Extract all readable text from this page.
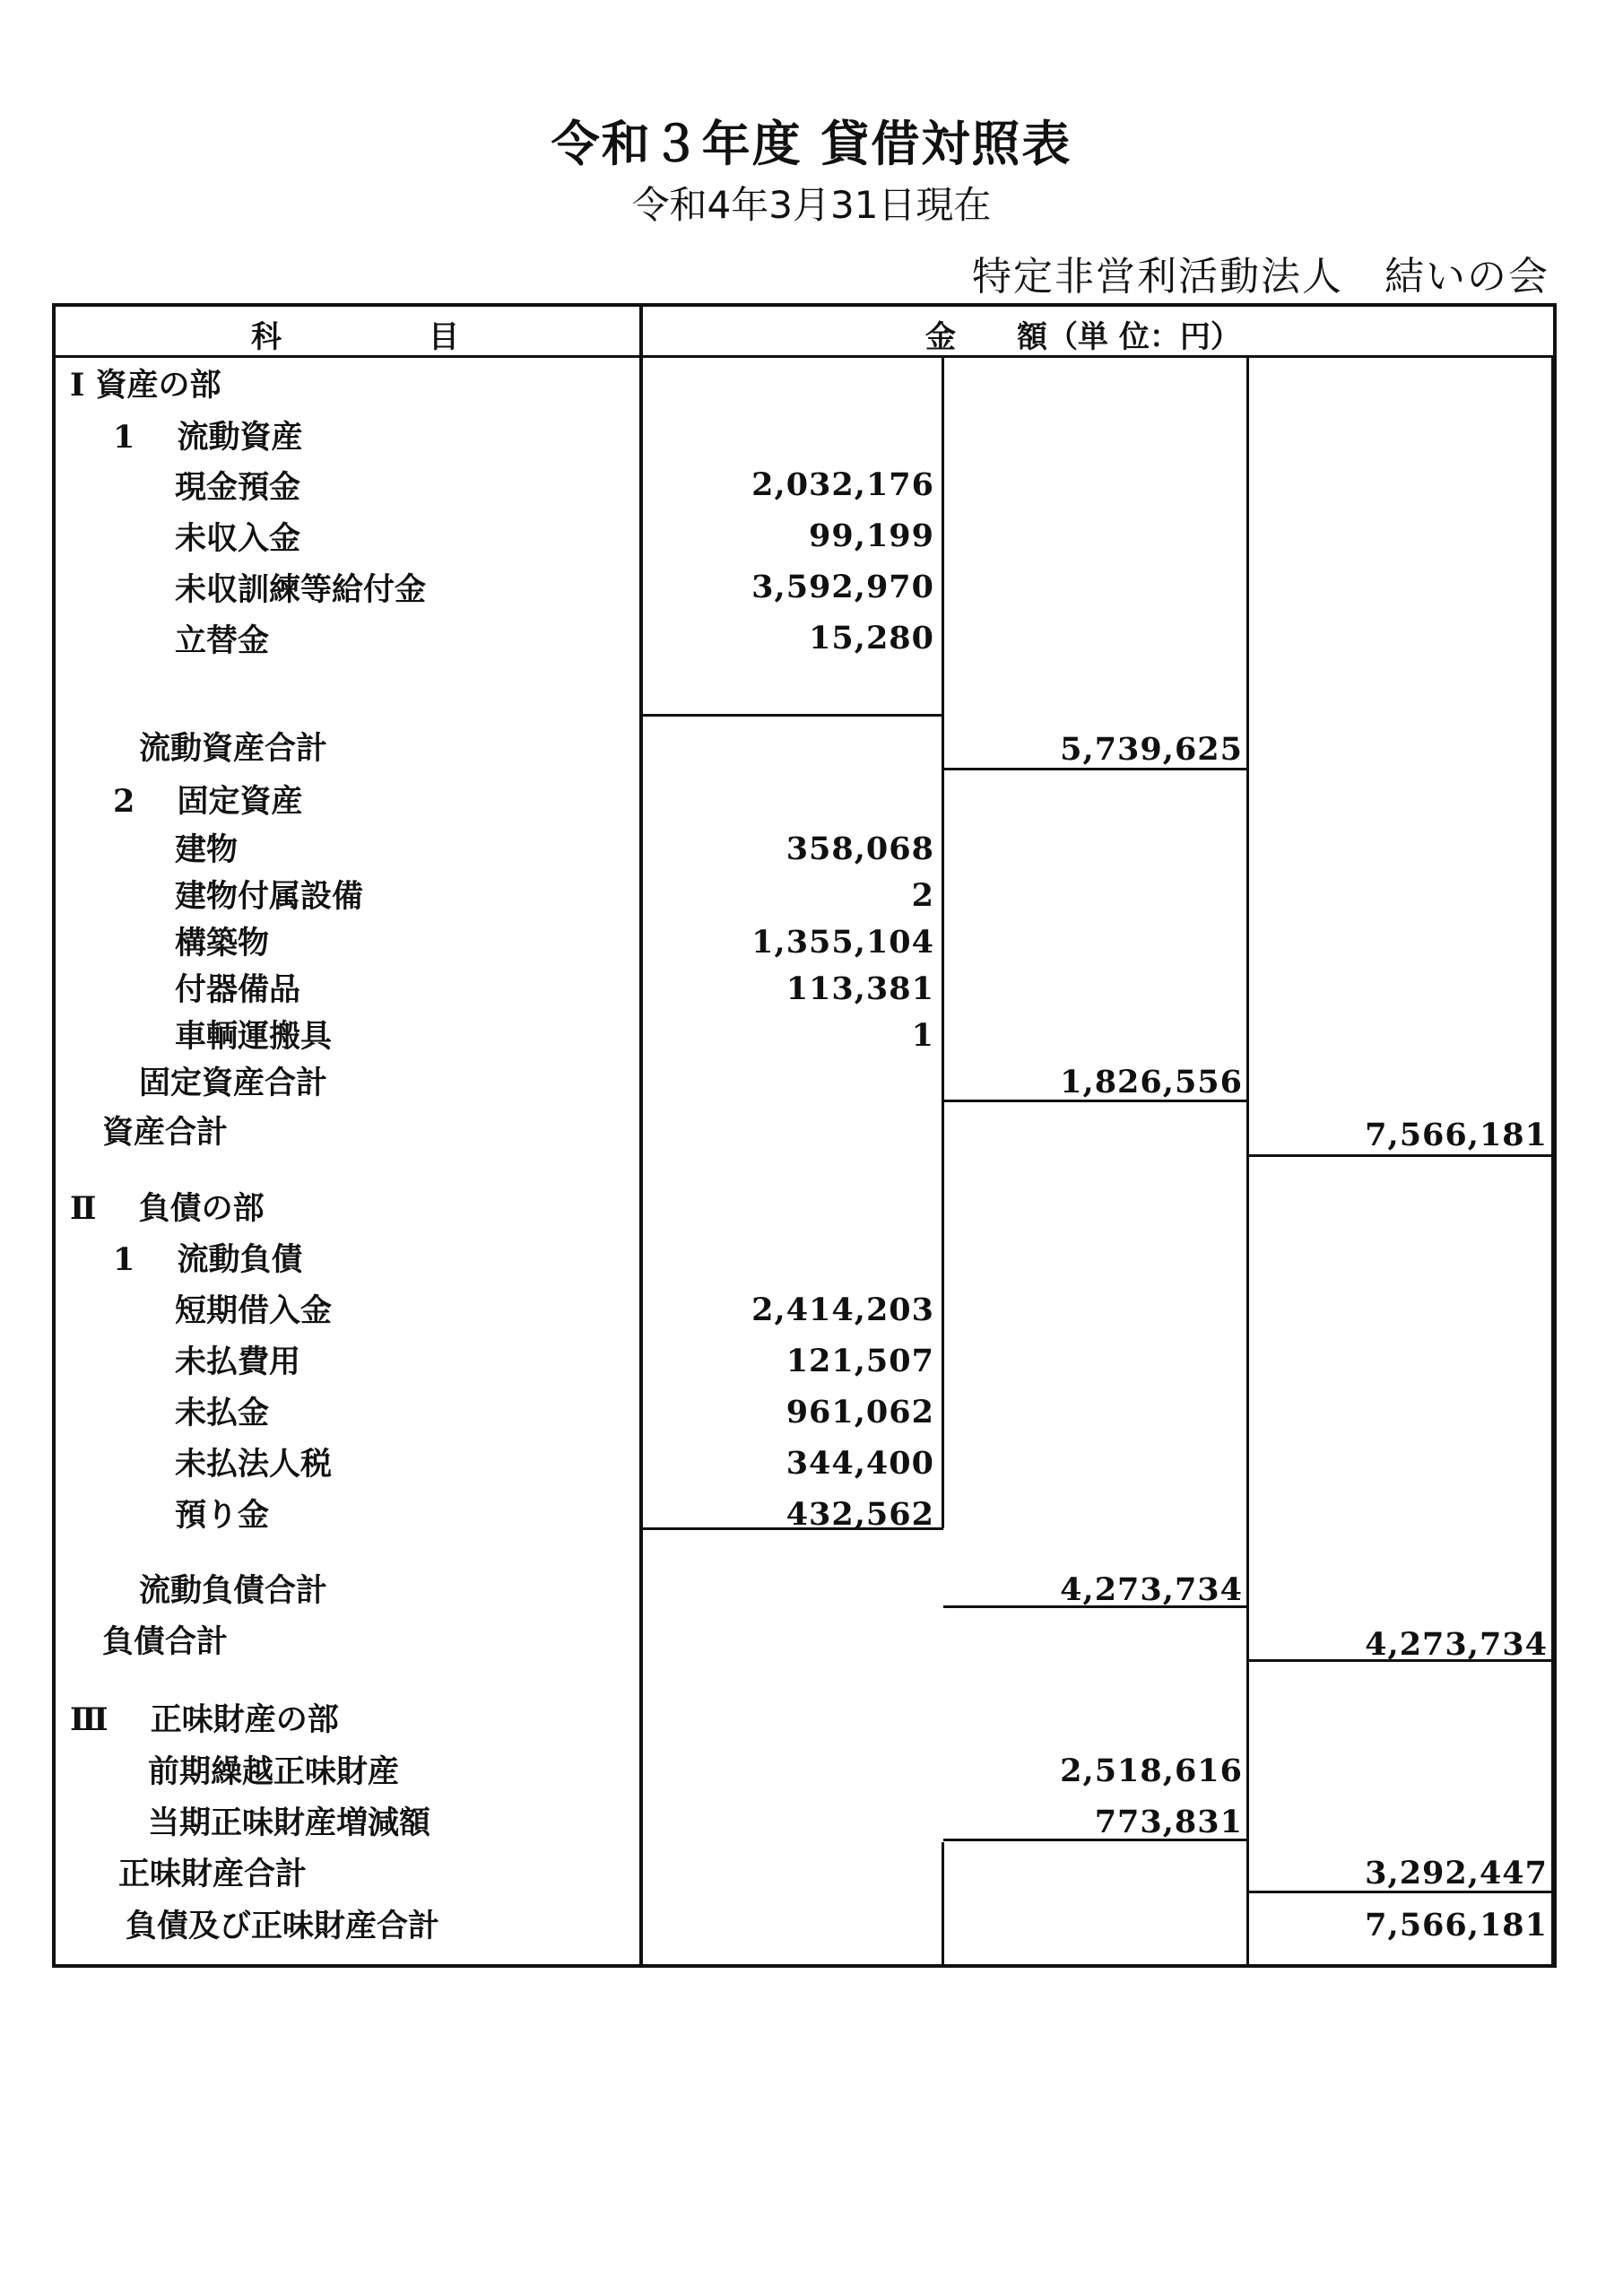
令和３年度 貸借対照表
令和4年3月31日現在
特定非営利活動法人　結いの会
科	目	金　　額（単 位：円）
Ⅰ 資産の部
1　 流動資産
現金預金	2,032,176
未収入金	99,199
未収訓練等給付金	3,592,970
立替金	15,280
流動資産合計	5,739,625
2　 固定資産
建物	358,068
建物付属設備	2
構築物	1,355,104
付器備品	113,381
車輌運搬具	1
固定資産合計	1,826,556
資産合計	7,566,181
Ⅱ　 負債の部
1　 流動負債
短期借入金	2,414,203
未払費用	121,507
未払金	961,062
未払法人税	344,400
預り金	432,562
流動負債合計	4,273,734
負債合計	4,273,734
Ⅲ　 正味財産の部
前期繰越正味財産	2,518,616
当期正味財産増減額	773,831
正味財産合計	3,292,447
負債及び正味財産合計	7,566,181
